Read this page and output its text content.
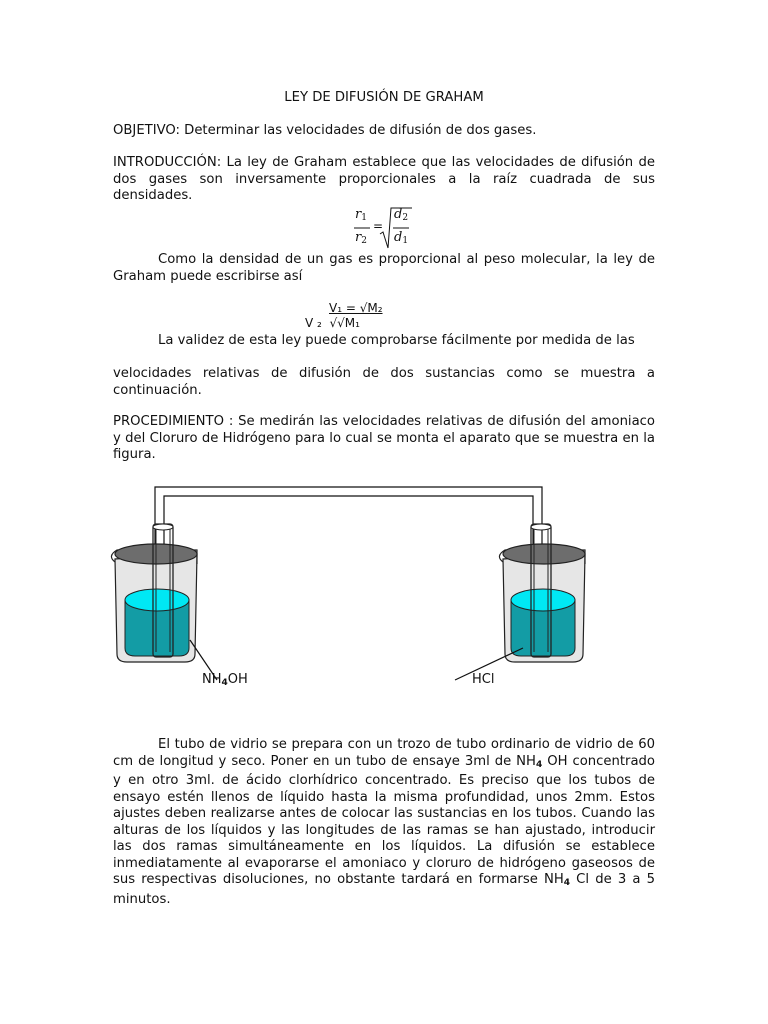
LEY DE DIFUSIÓN DE GRAHAM
OBJETIVO: Determinar las velocidades de difusión de dos gases.
INTRODUCCIÓN: La ley de Graham establece que las velocidades de difusión de dos gases son inversamente proporcionales a la raíz cuadrada de sus densidades.
$r_1$
$r_2$
=
$d_2$
$d_1$
Como la densidad de un gas es proporcional al peso molecular, la ley de Graham puede escribirse así
V₁ = √M₂
V ₂  √√M₁
La validez de esta ley puede comprobarse fácilmente por medida de las
velocidades relativas de difusión de dos sustancias como se muestra a continuación.
PROCEDIMIENTO : Se medirán las velocidades relativas de difusión del amoniaco y del Cloruro de Hidrógeno para lo cual se monta el aparato que se muestra en la figura.
$NH_4OH$	HCl
El tubo de vidrio se prepara con un trozo de tubo ordinario de vidrio de 60 cm de longitud y seco. Poner en un tubo de ensaye 3ml de $NH_4$ OH concentrado y en otro 3ml. de ácido clorhídrico concentrado. Es preciso que los tubos de ensayo estén llenos de líquido hasta la misma profundidad, unos 2mm. Estos ajustes deben realizarse antes de colocar las sustancias en los tubos. Cuando las alturas de los líquidos y las longitudes de las ramas se han ajustado, introducir las dos ramas simultáneamente en los líquidos. La difusión se establece inmediatamente al evaporarse el amoniaco y cloruro de hidrógeno gaseosos de sus respectivas disoluciones, no obstante tardará en formarse $NH_4$ Cl de 3 a 5 minutos.
